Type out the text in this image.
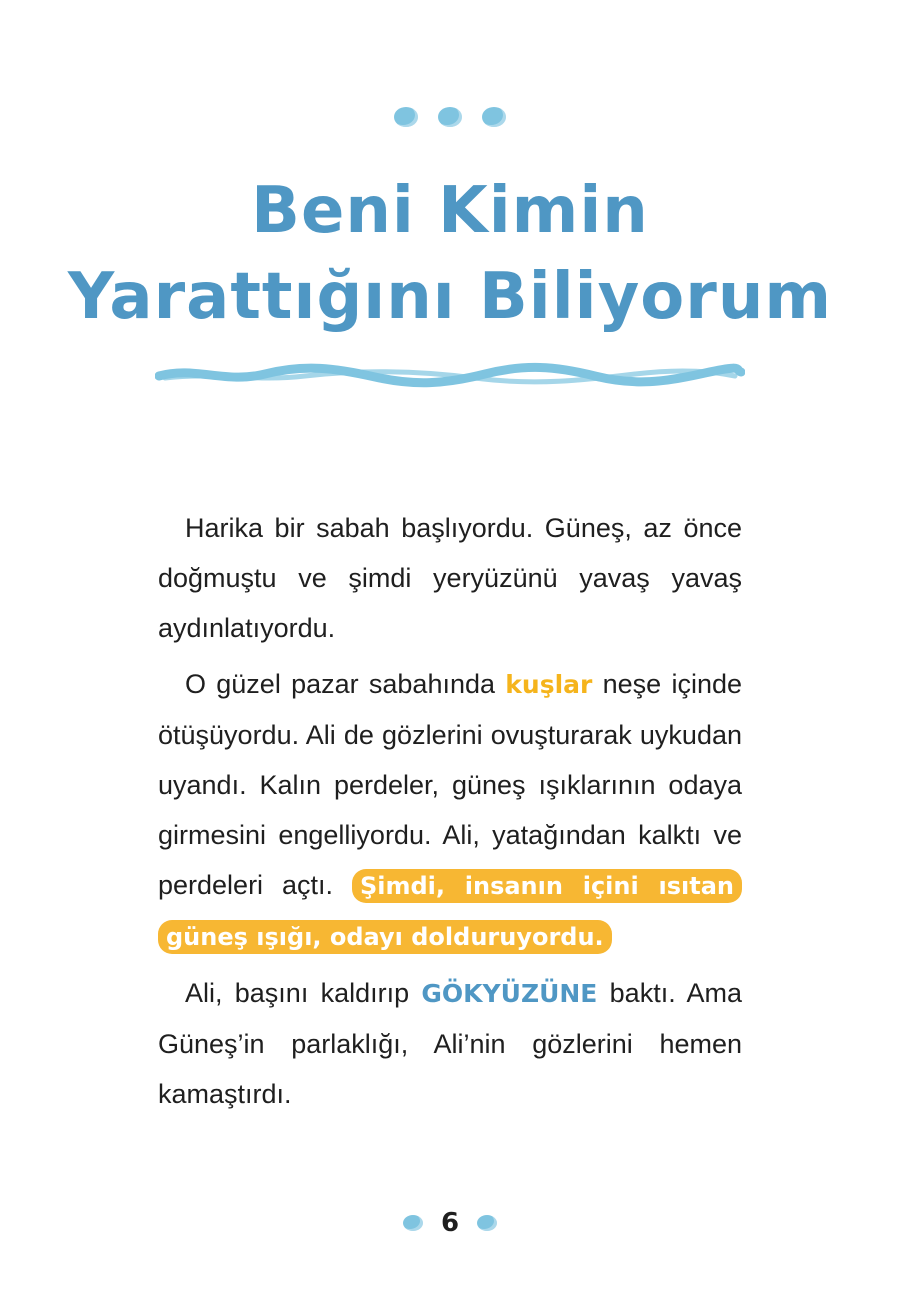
Beni Kimin
Yarattığını Biliyorum

Harika bir sabah başlıyordu. Güneş, az önce doğmuştu ve şimdi yeryüzünü yavaş yavaş aydınlatıyordu.

O güzel pazar sabahında kuşlar neşe içinde ötüşüyordu. Ali de gözlerini ovuşturarak uykudan uyandı. Kalın perdeler, güneş ışıklarının odaya girmesini engelliyordu. Ali, yatağından kalktı ve perdeleri açtı. Şimdi, insanın içini ısıtan güneş ışığı, odayı dolduruyordu.

Ali, başını kaldırıp GÖKYÜZÜNE baktı. Ama Güneş’in parlaklığı, Ali’nin gözlerini hemen kamaştırdı.

6
